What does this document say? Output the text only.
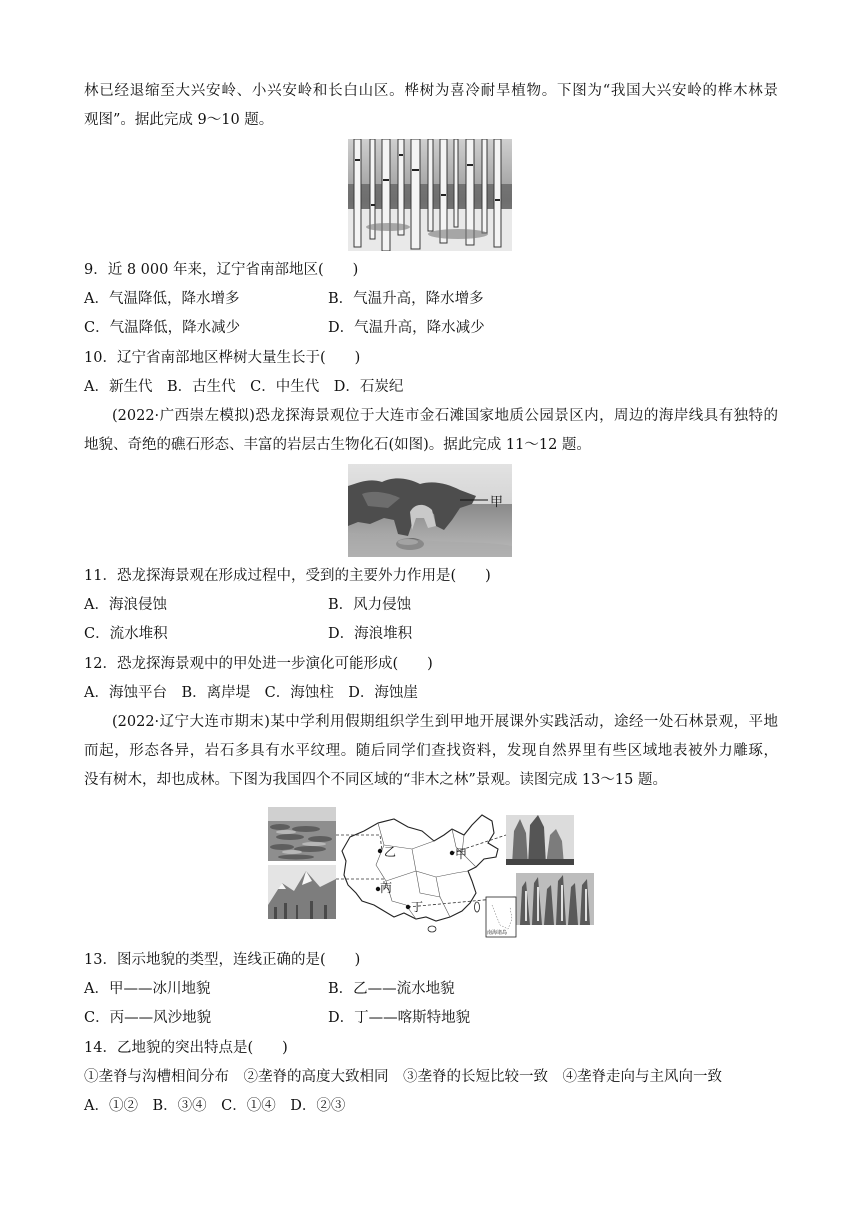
林已经退缩至大兴安岭、小兴安岭和长白山区。桦树为喜冷耐旱植物。下图为“我国大兴安岭的桦木林景
观图”。据此完成 9～10 题。
9．近 8 000 年来，辽宁省南部地区(　　)
A．气温降低，降水增多	B．气温升高，降水增多
C．气温降低，降水减少	D．气温升高，降水减少
10．辽宁省南部地区桦树大量生长于(　　)
A．新生代　B．古生代　C．中生代　D．石炭纪
(2022·广西崇左模拟)恐龙探海景观位于大连市金石滩国家地质公园景区内，周边的海岸线具有独特的
地貌、奇绝的礁石形态、丰富的岩层古生物化石(如图)。据此完成 11～12 题。
甲
11．恐龙探海景观在形成过程中，受到的主要外力作用是(　　)
A．海浪侵蚀	B．风力侵蚀
C．流水堆积	D．海浪堆积
12．恐龙探海景观中的甲处进一步演化可能形成(　　)
A．海蚀平台　B．离岸堤　C．海蚀柱　D．海蚀崖
(2022·辽宁大连市期末)某中学利用假期组织学生到甲地开展课外实践活动，途经一处石林景观，平地
而起，形态各异，岩石多具有水平纹理。随后同学们查找资料，发现自然界里有些区域地表被外力雕琢，
没有树木，却也成林。下图为我国四个不同区域的“非木之林”景观。读图完成 13～15 题。
乙	甲
丙
丁
南海诸岛
13．图示地貌的类型，连线正确的是(　　)
A．甲——冰川地貌	B．乙——流水地貌
C．丙——风沙地貌	D．丁——喀斯特地貌
14．乙地貌的突出特点是(　　)
①垄脊与沟槽相间分布　②垄脊的高度大致相同　③垄脊的长短比较一致　④垄脊走向与主风向一致
A．①②　B．③④　C．①④　D．②③
